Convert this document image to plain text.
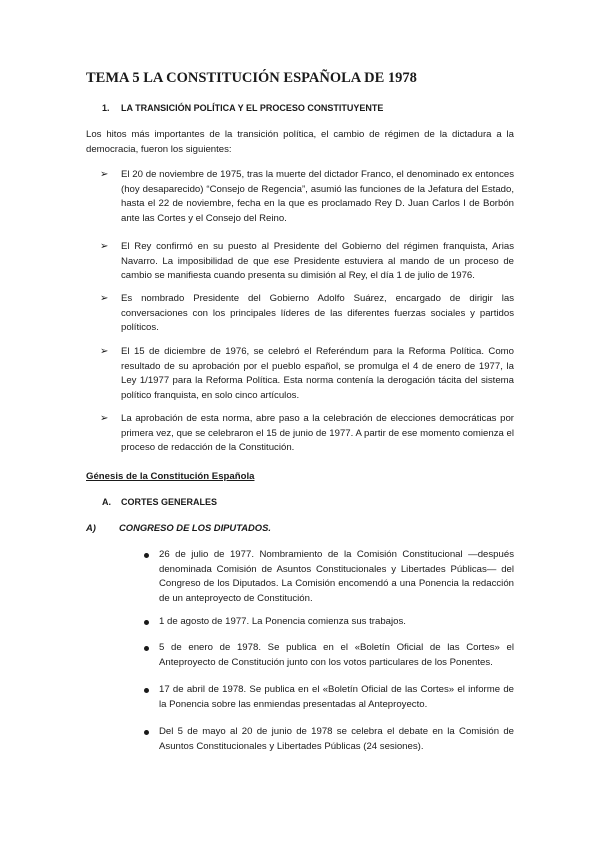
TEMA 5 LA CONSTITUCIÓN ESPAÑOLA DE 1978
1. LA TRANSICIÓN POLÍTICA Y EL PROCESO CONSTITUYENTE
Los hitos más importantes de la transición política, el cambio de régimen de la dictadura a la democracia, fueron los siguientes:
➢	El 20 de noviembre de 1975, tras la muerte del dictador Franco, el denominado ex entonces (hoy desaparecido) “Consejo de Regencia”, asumió las funciones de la Jefatura del Estado, hasta el 22 de noviembre, fecha en la que es proclamado Rey D. Juan Carlos I de Borbón ante las Cortes y el Consejo del Reino.
➢	El Rey confirmó en su puesto al Presidente del Gobierno del régimen franquista, Arias Navarro. La imposibilidad de que ese Presidente estuviera al mando de un proceso de cambio se manifiesta cuando presenta su dimisión al Rey, el día 1 de julio de 1976.
➢	Es nombrado Presidente del Gobierno Adolfo Suárez, encargado de dirigir las conversaciones con los principales líderes de las diferentes fuerzas sociales y partidos políticos.
➢	El 15 de diciembre de 1976, se celebró el Referéndum para la Reforma Política. Como resultado de su aprobación por el pueblo español, se promulga el 4 de enero de 1977, la Ley 1/1977 para la Reforma Política. Esta norma contenía la derogación tácita del sistema político franquista, en solo cinco artículos.
➢	La aprobación de esta norma, abre paso a la celebración de elecciones democráticas por primera vez, que se celebraron el 15 de junio de 1977. A partir de ese momento comienza el proceso de redacción de la Constitución.
Génesis de la Constitución Española
A. CORTES GENERALES
A) CONGRESO DE LOS DIPUTADOS.
26 de julio de 1977. Nombramiento de la Comisión Constitucional —después denominada Comisión de Asuntos Constitucionales y Libertades Públicas— del Congreso de los Diputados. La Comisión encomendó a una Ponencia la redacción de un anteproyecto de Constitución.
1 de agosto de 1977. La Ponencia comienza sus trabajos.
5 de enero de 1978. Se publica en el «Boletín Oficial de las Cortes» el Anteproyecto de Constitución junto con los votos particulares de los Ponentes.
17 de abril de 1978. Se publica en el «Boletín Oficial de las Cortes» el informe de la Ponencia sobre las enmiendas presentadas al Anteproyecto.
Del 5 de mayo al 20 de junio de 1978 se celebra el debate en la Comisión de Asuntos Constitucionales y Libertades Públicas (24 sesiones).
